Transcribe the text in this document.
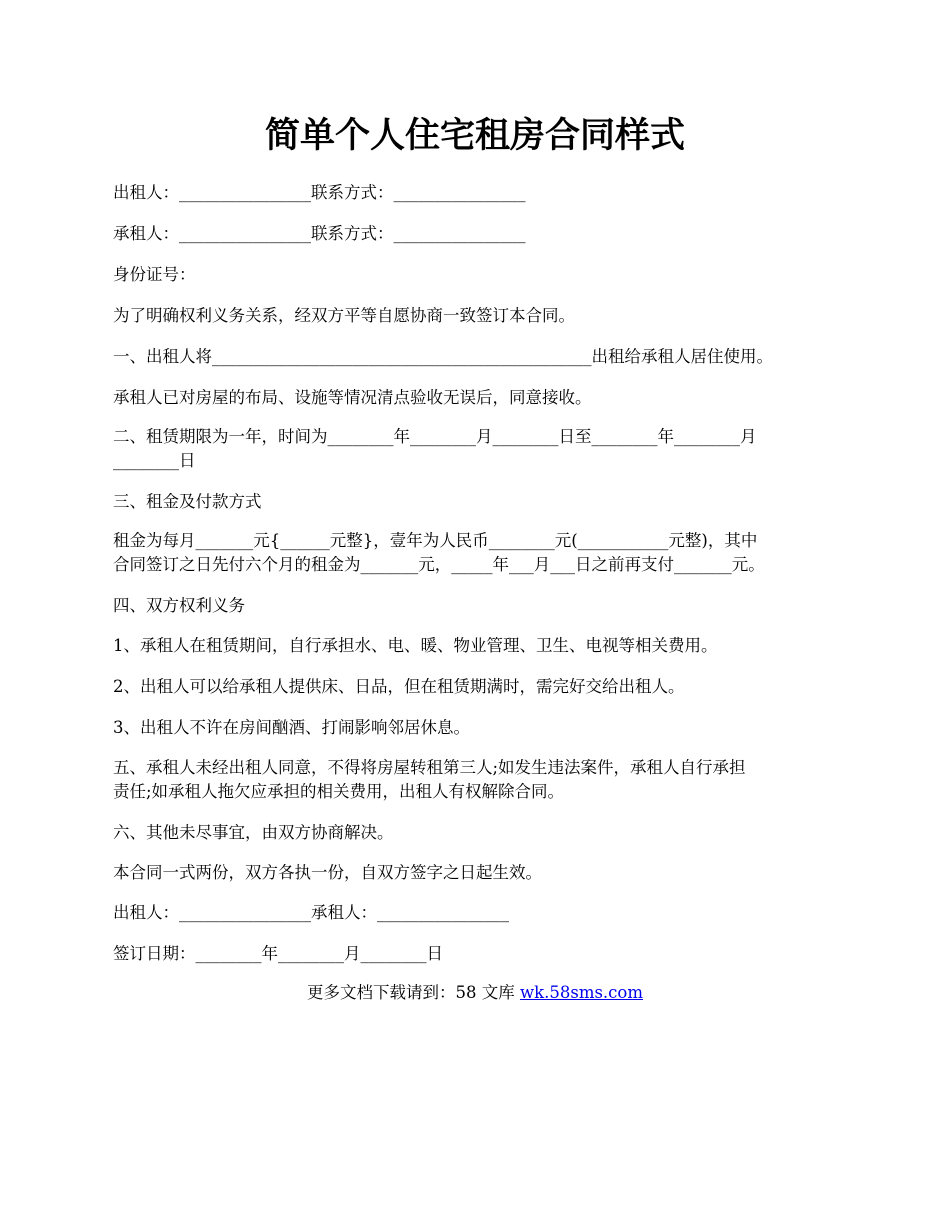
简单个人住宅租房合同样式
出租人：________________联系方式：________________
承租人：________________联系方式：________________
身份证号：
为了明确权利义务关系，经双方平等自愿协商一致签订本合同。
一、出租人将______________________________________________出租给承租人居住使用。
承租人已对房屋的布局、设施等情况清点验收无误后，同意接收。
二、租赁期限为一年，时间为________年________月________日至________年________月
________日
三、租金及付款方式
租金为每月_______元{______元整}，壹年为人民币________元(___________元整)，其中
合同签订之日先付六个月的租金为_______元，_____年___月___日之前再支付_______元。
四、双方权利义务
1、承租人在租赁期间，自行承担水、电、暖、物业管理、卫生、电视等相关费用。
2、出租人可以给承租人提供床、日品，但在租赁期满时，需完好交给出租人。
3、出租人不许在房间酗酒、打闹影响邻居休息。
五、承租人未经出租人同意，不得将房屋转租第三人;如发生违法案件，承租人自行承担
责任;如承租人拖欠应承担的相关费用，出租人有权解除合同。
六、其他未尽事宜，由双方协商解决。
本合同一式两份，双方各执一份，自双方签字之日起生效。
出租人：________________承租人：________________
签订日期：________年________月________日
更多文档下载请到：58 文库 wk.58sms.com
